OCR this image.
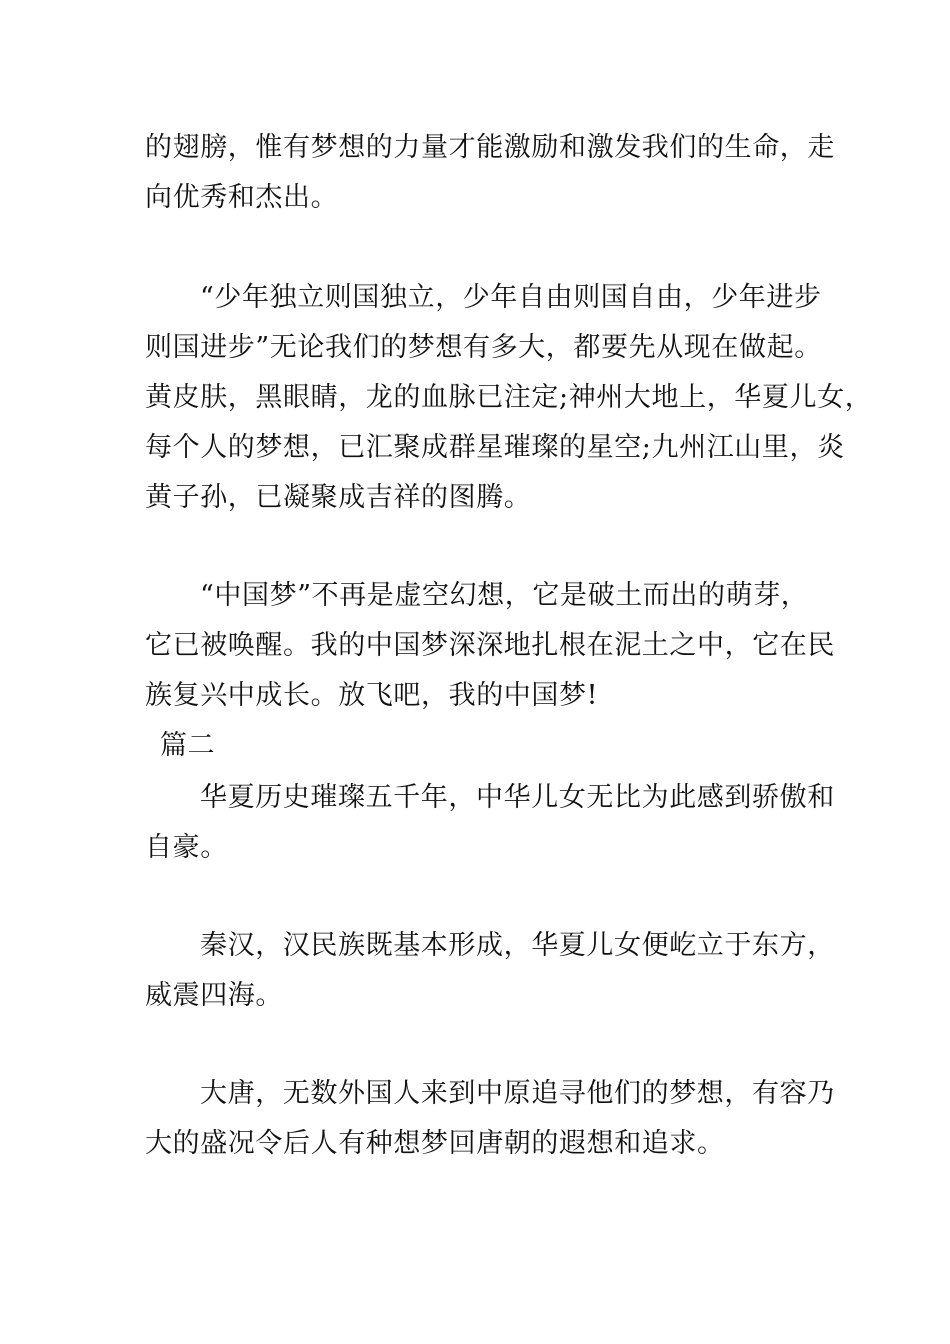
的翅膀，惟有梦想的力量才能激励和激发我们的生命，走
向优秀和杰出。
“少年独立则国独立，少年自由则国自由，少年进步
则国进步”无论我们的梦想有多大，都要先从现在做起。
黄皮肤，黑眼睛，龙的血脉已注定;神州大地上，华夏儿女，
每个人的梦想，已汇聚成群星璀璨的星空;九州江山里，炎
黄子孙，已凝聚成吉祥的图腾。
“中国梦”不再是虚空幻想，它是破土而出的萌芽，
它已被唤醒。我的中国梦深深地扎根在泥土之中，它在民
族复兴中成长。放飞吧，我的中国梦!
篇二
华夏历史璀璨五千年，中华儿女无比为此感到骄傲和
自豪。
秦汉，汉民族既基本形成，华夏儿女便屹立于东方，
威震四海。
大唐，无数外国人来到中原追寻他们的梦想，有容乃
大的盛况令后人有种想梦回唐朝的遐想和追求。
